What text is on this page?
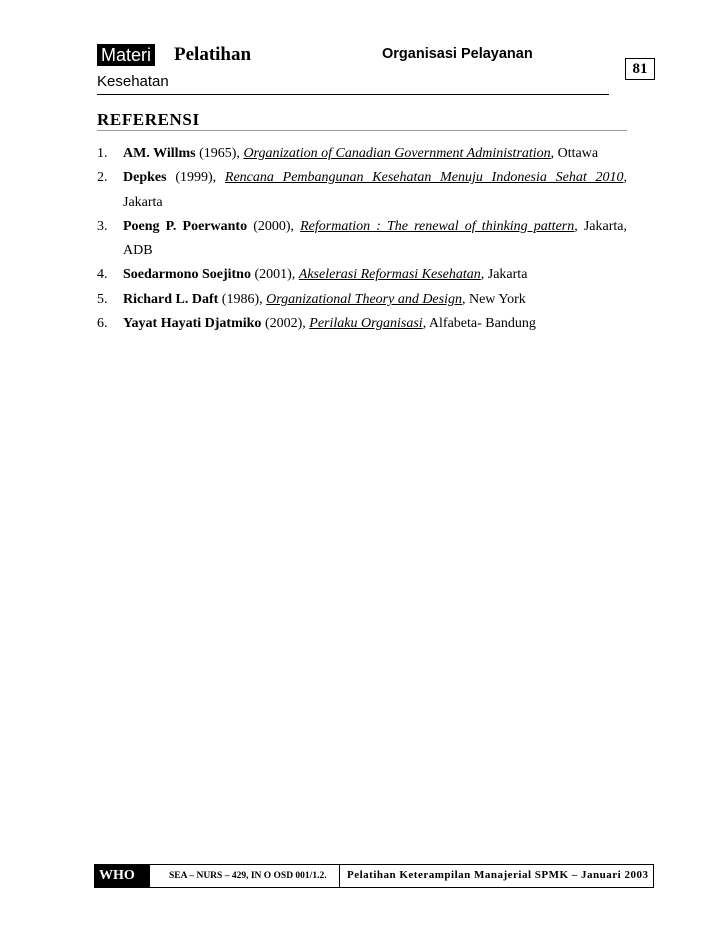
Materi Pelatihan
Kesehatan
Organisasi Pelayanan
81
REFERENSI
1. AM. Willms (1965), Organization of Canadian Government Administration, Ottawa
2. Depkes (1999), Rencana Pembangunan Kesehatan Menuju Indonesia Sehat 2010,
Jakarta
3. Poeng P. Poerwanto (2000), Reformation : The renewal of thinking pattern, Jakarta,
ADB
4. Soedarmono Soejitno (2001), Akselerasi Reformasi Kesehatan, Jakarta
5. Richard L. Daft (1986), Organizational Theory and Design, New York
6. Yayat Hayati Djatmiko (2002), Perilaku Organisasi, Alfabeta- Bandung
WHO	SEA – NURS – 429, IN O OSD 001/1.2. Pelatihan Keterampilan Manajerial SPMK – Januari 2003
